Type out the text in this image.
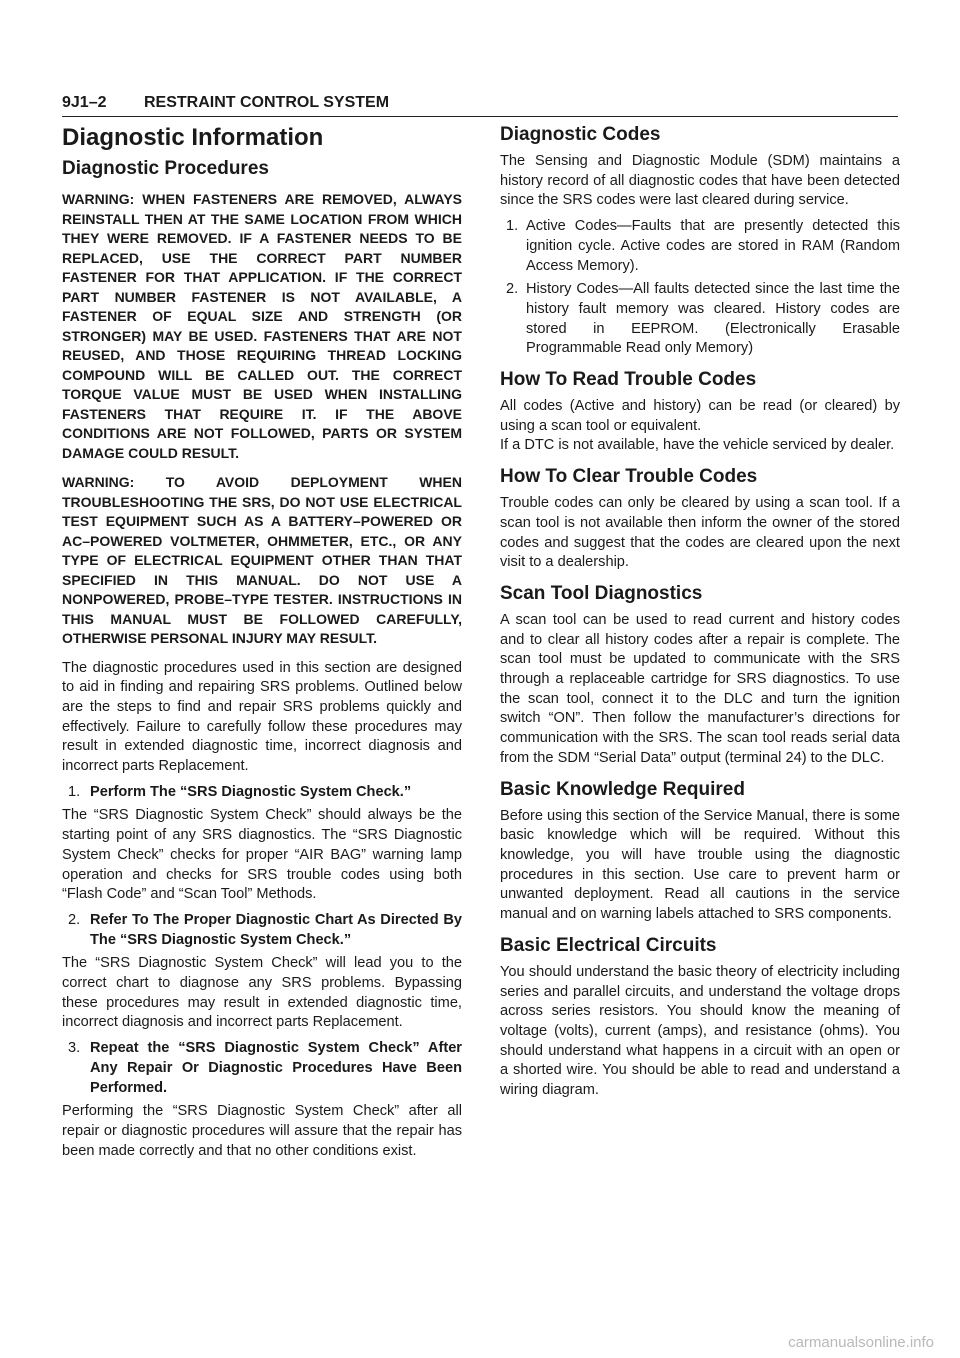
9J1–2 RESTRAINT CONTROL SYSTEM
Diagnostic Information
Diagnostic Procedures

WARNING: WHEN FASTENERS ARE REMOVED, ALWAYS REINSTALL THEN AT THE SAME LOCATION FROM WHICH THEY WERE REMOVED. IF A FASTENER NEEDS TO BE REPLACED, USE THE CORRECT PART NUMBER FASTENER FOR THAT APPLICATION. IF THE CORRECT PART NUMBER FASTENER IS NOT AVAILABLE, A FASTENER OF EQUAL SIZE AND STRENGTH (OR STRONGER) MAY BE USED. FASTENERS THAT ARE NOT REUSED, AND THOSE REQUIRING THREAD LOCKING COMPOUND WILL BE CALLED OUT. THE CORRECT TORQUE VALUE MUST BE USED WHEN INSTALLING FASTENERS THAT REQUIRE IT. IF THE ABOVE CONDITIONS ARE NOT FOLLOWED, PARTS OR SYSTEM DAMAGE COULD RESULT.

WARNING: TO AVOID DEPLOYMENT WHEN TROUBLESHOOTING THE SRS, DO NOT USE ELECTRICAL TEST EQUIPMENT SUCH AS A BATTERY–POWERED OR AC–POWERED VOLTMETER, OHMMETER, ETC., OR ANY TYPE OF ELECTRICAL EQUIPMENT OTHER THAN THAT SPECIFIED IN THIS MANUAL. DO NOT USE A NONPOWERED, PROBE–TYPE TESTER. INSTRUCTIONS IN THIS MANUAL MUST BE FOLLOWED CAREFULLY, OTHERWISE PERSONAL INJURY MAY RESULT.

The diagnostic procedures used in this section are designed to aid in finding and repairing SRS problems. Outlined below are the steps to find and repair SRS problems quickly and effectively. Failure to carefully follow these procedures may result in extended diagnostic time, incorrect diagnosis and incorrect parts Replacement.

1. Perform The “SRS Diagnostic System Check.”

The “SRS Diagnostic System Check” should always be the starting point of any SRS diagnostics. The “SRS Diagnostic System Check” checks for proper “AIR BAG” warning lamp operation and checks for SRS trouble codes using both “Flash Code” and “Scan Tool” Methods.

2. Refer To The Proper Diagnostic Chart As Directed By The “SRS Diagnostic System Check.”

The “SRS Diagnostic System Check” will lead you to the correct chart to diagnose any SRS problems. Bypassing these procedures may result in extended diagnostic time, incorrect diagnosis and incorrect parts Replacement.

3. Repeat the “SRS Diagnostic System Check” After Any Repair Or Diagnostic Procedures Have Been Performed.

Performing the “SRS Diagnostic System Check” after all repair or diagnostic procedures will assure that the repair has been made correctly and that no other conditions exist.

Diagnostic Codes

The Sensing and Diagnostic Module (SDM) maintains a history record of all diagnostic codes that have been detected since the SRS codes were last cleared during service.

1. Active Codes—Faults that are presently detected this ignition cycle. Active codes are stored in RAM (Random Access Memory).
2. History Codes—All faults detected since the last time the history fault memory was cleared. History codes are stored in EEPROM. (Electronically Erasable Programmable Read only Memory)
How To Read Trouble Codes

All codes (Active and history) can be read (or cleared) by using a scan tool or equivalent.

If a DTC is not available, have the vehicle serviced by dealer.

How To Clear Trouble Codes

Trouble codes can only be cleared by using a scan tool. If a scan tool is not available then inform the owner of the stored codes and suggest that the codes are cleared upon the next visit to a dealership.

Scan Tool Diagnostics

A scan tool can be used to read current and history codes and to clear all history codes after a repair is complete. The scan tool must be updated to communicate with the SRS through a replaceable cartridge for SRS diagnostics. To use the scan tool, connect it to the DLC and turn the ignition switch “ON”. Then follow the manufacturer’s directions for communication with the SRS. The scan tool reads serial data from the SDM “Serial Data” output (terminal 24) to the DLC.

Basic Knowledge Required

Before using this section of the Service Manual, there is some basic knowledge which will be required. Without this knowledge, you will have trouble using the diagnostic procedures in this section. Use care to prevent harm or unwanted deployment. Read all cautions in the service manual and on warning labels attached to SRS components.

Basic Electrical Circuits

You should understand the basic theory of electricity including series and parallel circuits, and understand the voltage drops across series resistors. You should know the meaning of voltage (volts), current (amps), and resistance (ohms). You should understand what happens in a circuit with an open or a shorted wire. You should be able to read and understand a wiring diagram.

carmanualsonline.info
